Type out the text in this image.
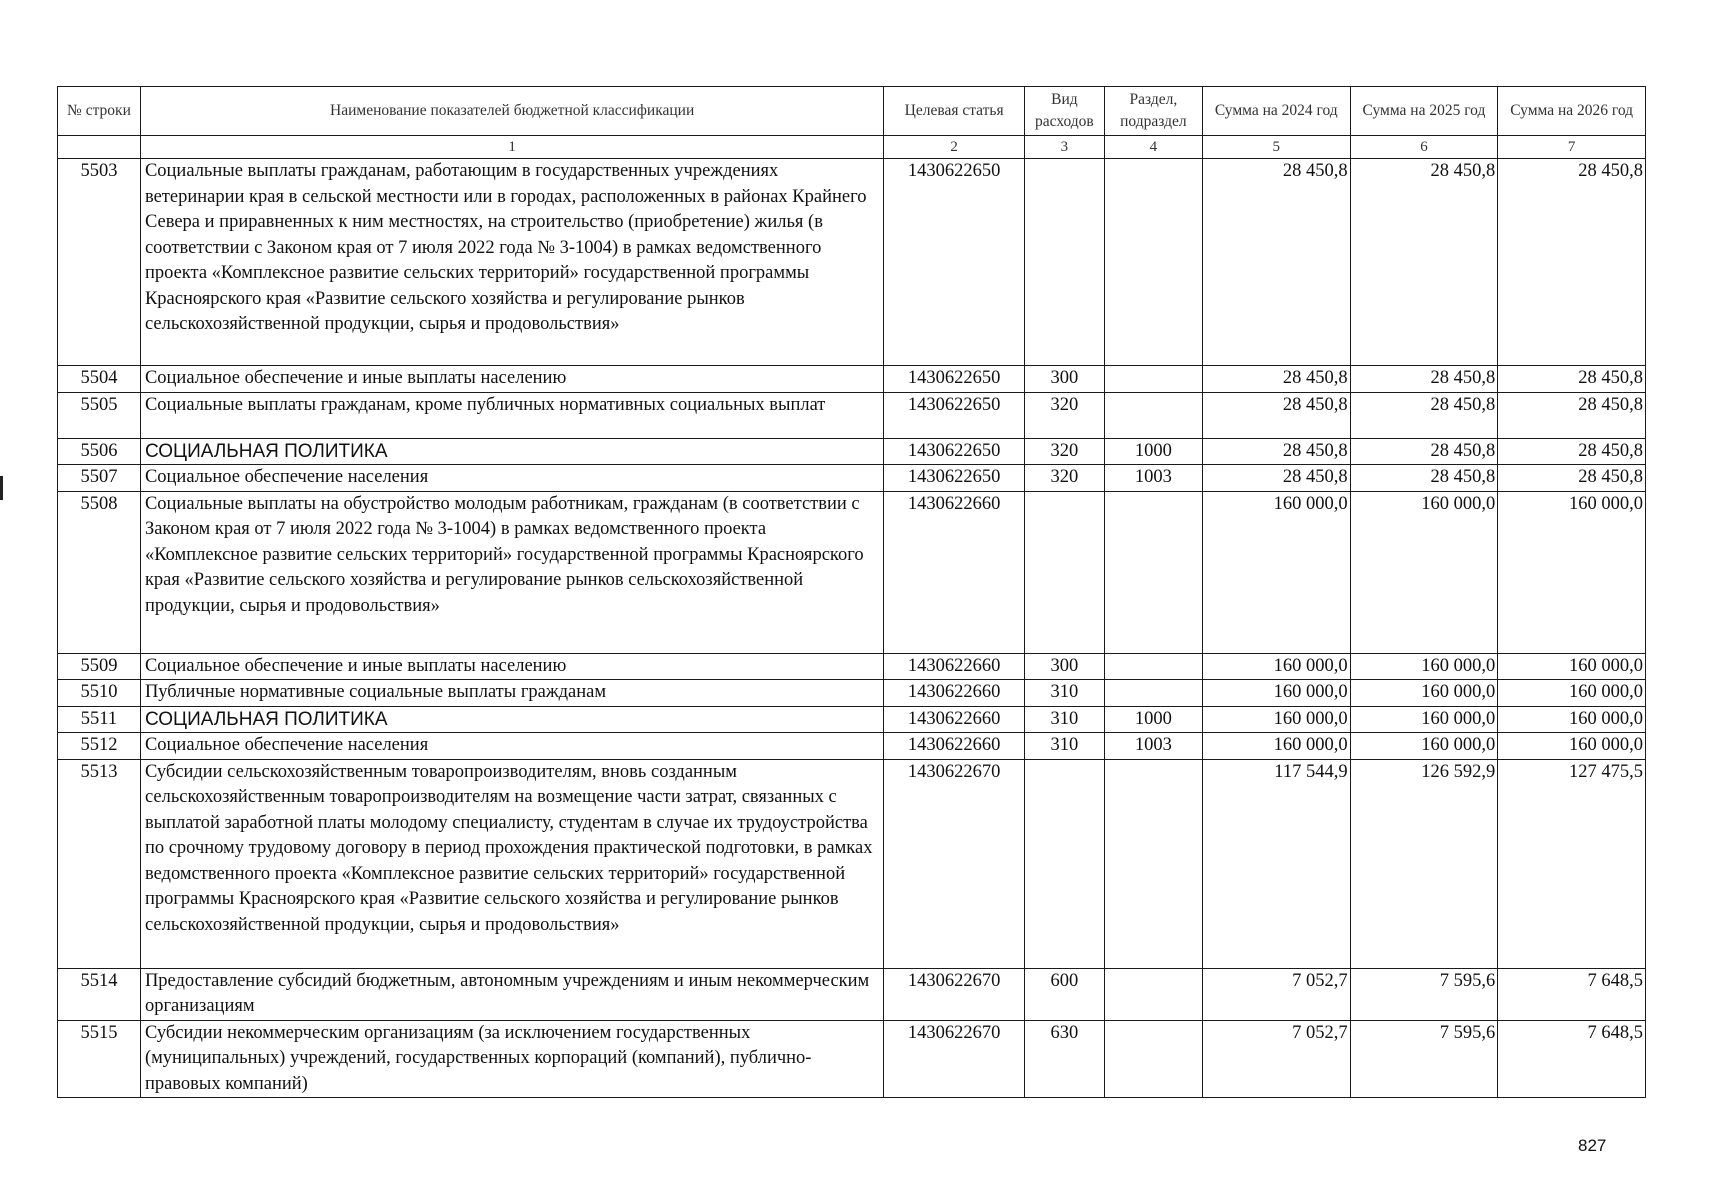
№ строки	Наименование показателей бюджетной классификации	Целевая статья	Вид расходов	Раздел, подраздел	Сумма на 2024 год	Сумма на 2025 год	Сумма на 2026 год
	1	2	3	4	5	6	7
5503	Социальные выплаты гражданам, работающим в государственных учреждениях ветеринарии края в сельской местности или в городах, расположенных в районах Крайнего Севера и приравненных к ним местностях, на строительство (приобретение) жилья (в соответствии с Законом края от 7 июля 2022 года № 3-1004) в рамках ведомственного проекта «Комплексное развитие сельских территорий» государственной программы Красноярского края «Развитие сельского хозяйства и регулирование рынков сельскохозяйственной продукции, сырья и продовольствия»	1430622650			28 450,8	28 450,8	28 450,8
5504	Социальное обеспечение и иные выплаты населению	1430622650	300		28 450,8	28 450,8	28 450,8
5505	Социальные выплаты гражданам, кроме публичных нормативных социальных выплат	1430622650	320		28 450,8	28 450,8	28 450,8
5506	СОЦИАЛЬНАЯ ПОЛИТИКА	1430622650	320	1000	28 450,8	28 450,8	28 450,8
5507	Социальное обеспечение населения	1430622650	320	1003	28 450,8	28 450,8	28 450,8
5508	Социальные выплаты на обустройство молодым работникам, гражданам (в соответствии с Законом края от 7 июля 2022 года № 3-1004) в рамках ведомственного проекта «Комплексное развитие сельских территорий» государственной программы Красноярского края «Развитие сельского хозяйства и регулирование рынков сельскохозяйственной продукции, сырья и продовольствия»	1430622660			160 000,0	160 000,0	160 000,0
5509	Социальное обеспечение и иные выплаты населению	1430622660	300		160 000,0	160 000,0	160 000,0
5510	Публичные нормативные социальные выплаты гражданам	1430622660	310		160 000,0	160 000,0	160 000,0
5511	СОЦИАЛЬНАЯ ПОЛИТИКА	1430622660	310	1000	160 000,0	160 000,0	160 000,0
5512	Социальное обеспечение населения	1430622660	310	1003	160 000,0	160 000,0	160 000,0
5513	Субсидии сельскохозяйственным товаропроизводителям, вновь созданным сельскохозяйственным товаропроизводителям на возмещение части затрат, связанных с выплатой заработной платы молодому специалисту, студентам в случае их трудоустройства по срочному трудовому договору в период прохождения практической подготовки, в рамках ведомственного проекта «Комплексное развитие сельских территорий» государственной программы Красноярского края «Развитие сельского хозяйства и регулирование рынков сельскохозяйственной продукции, сырья и продовольствия»	1430622670			117 544,9	126 592,9	127 475,5
5514	Предоставление субсидий бюджетным, автономным учреждениям и иным некоммерческим организациям	1430622670	600		7 052,7	7 595,6	7 648,5
5515	Субсидии некоммерческим организациям (за исключением государственных (муниципальных) учреждений, государственных корпораций (компаний), публично-правовых компаний)	1430622670	630		7 052,7	7 595,6	7 648,5
827
